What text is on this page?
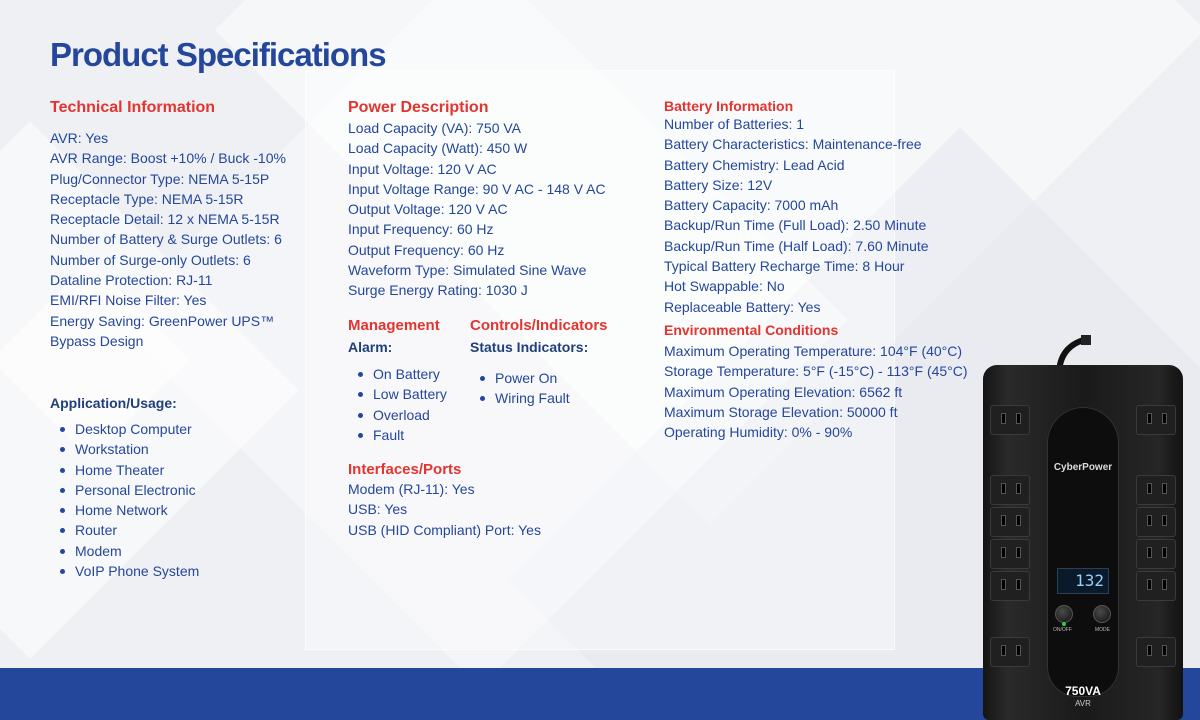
Product Specifications
Technical Information
AVR: Yes
AVR Range: Boost +10% / Buck -10%
Plug/Connector Type: NEMA 5-15P
Receptacle Type: NEMA 5-15R
Receptacle Detail: 12 x NEMA 5-15R
Number of Battery & Surge Outlets: 6
Number of Surge-only Outlets: 6
Dataline Protection: RJ-11
EMI/RFI Noise Filter: Yes
Energy Saving: GreenPower UPS™ Bypass Design
Application/Usage:
Desktop Computer
Workstation
Home Theater
Personal Electronic
Home Network
Router
Modem
VoIP Phone System
Power Description
Load Capacity (VA): 750 VA
Load Capacity (Watt): 450 W
Input Voltage: 120 V AC
Input Voltage Range: 90 V AC - 148 V AC
Output Voltage: 120 V AC
Input Frequency: 60 Hz
Output Frequency: 60 Hz
Waveform Type: Simulated Sine Wave
Surge Energy Rating: 1030 J
Management
Alarm:
On Battery
Low Battery
Overload
Fault
Controls/Indicators
Status Indicators:
Power On
Wiring Fault
Interfaces/Ports
Modem (RJ-11): Yes
USB: Yes
USB (HID Compliant) Port: Yes
Battery Information
Number of Batteries: 1
Battery Characteristics: Maintenance-free
Battery Chemistry: Lead Acid
Battery Size: 12V
Battery Capacity: 7000 mAh
Backup/Run Time (Full Load): 2.50 Minute
Backup/Run Time (Half Load): 7.60 Minute
Typical Battery Recharge Time: 8 Hour
Hot Swappable: No
Replaceable Battery: Yes
Environmental Conditions
Maximum Operating Temperature: 104°F (40°C)
Storage Temperature: 5°F (-15°C) - 113°F (45°C)
Maximum Operating Elevation: 6562 ft
Maximum Storage Elevation: 50000 ft
Operating Humidity: 0% - 90%
CyberPower
132
ON/OFF	MODE
750VA
AVR
